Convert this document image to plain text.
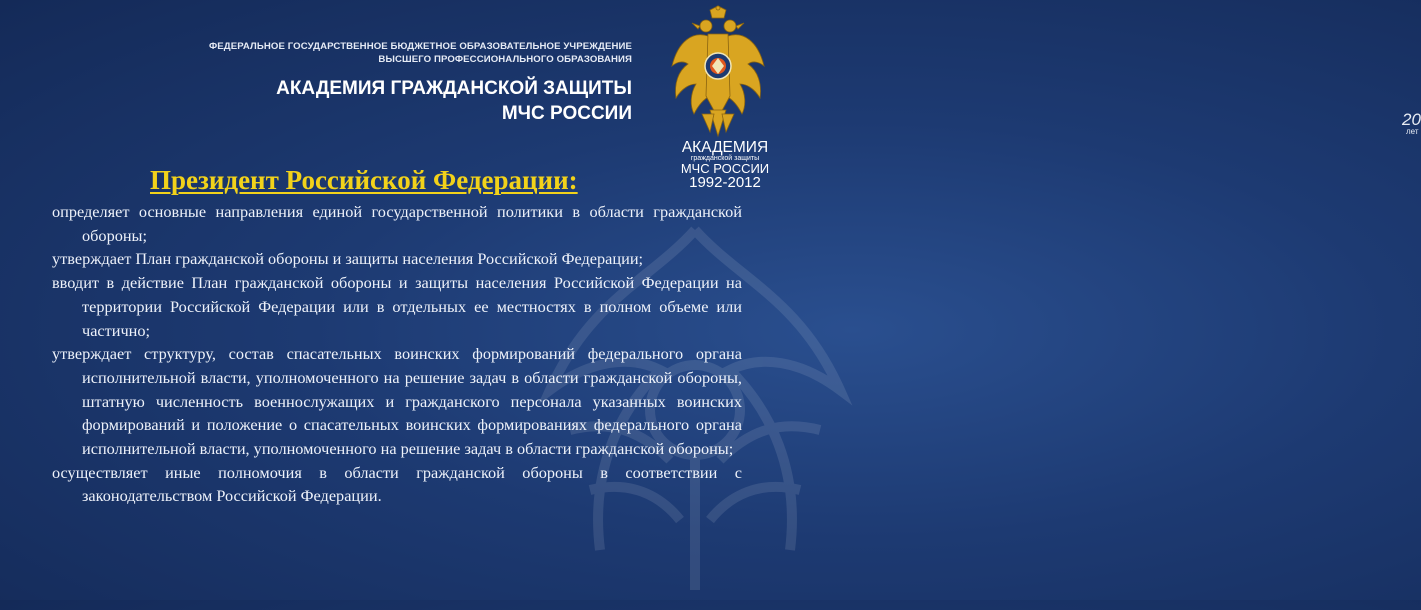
ФЕДЕРАЛЬНОЕ ГОСУДАРСТВЕННОЕ БЮДЖЕТНОЕ ОБРАЗОВАТЕЛЬНОЕ УЧРЕЖДЕНИЕ
ВЫСШЕГО ПРОФЕССИОНАЛЬНОГО ОБРАЗОВАНИЯ
АКАДЕМИЯ ГРАЖДАНСКОЙ ЗАЩИТЫ
МЧС РОССИИ	20
лет
АКАДЕМИЯ
гражданской защиты
МЧС РОССИИ
1992-2012
Президент Российской Федерации:

определяет основные направления единой государственной политики в области гражданской обороны;

утверждает План гражданской обороны и защиты населения Российской Федерации;

вводит в действие План гражданской обороны и защиты населения Российской Федерации на территории Российской Федерации или в отдельных ее местностях в полном объеме или частично;

утверждает структуру, состав спасательных воинских формирований федерального органа исполнительной власти, уполномоченного на решение задач в области гражданской обороны, штатную численность военнослужащих и гражданского персонала указанных воинских формирований и положение о спасательных воинских формированиях федерального органа исполнительной власти, уполномоченного на решение задач в области гражданской обороны;

осуществляет иные полномочия в области гражданской обороны в соответствии с законодательством Российской Федерации.
